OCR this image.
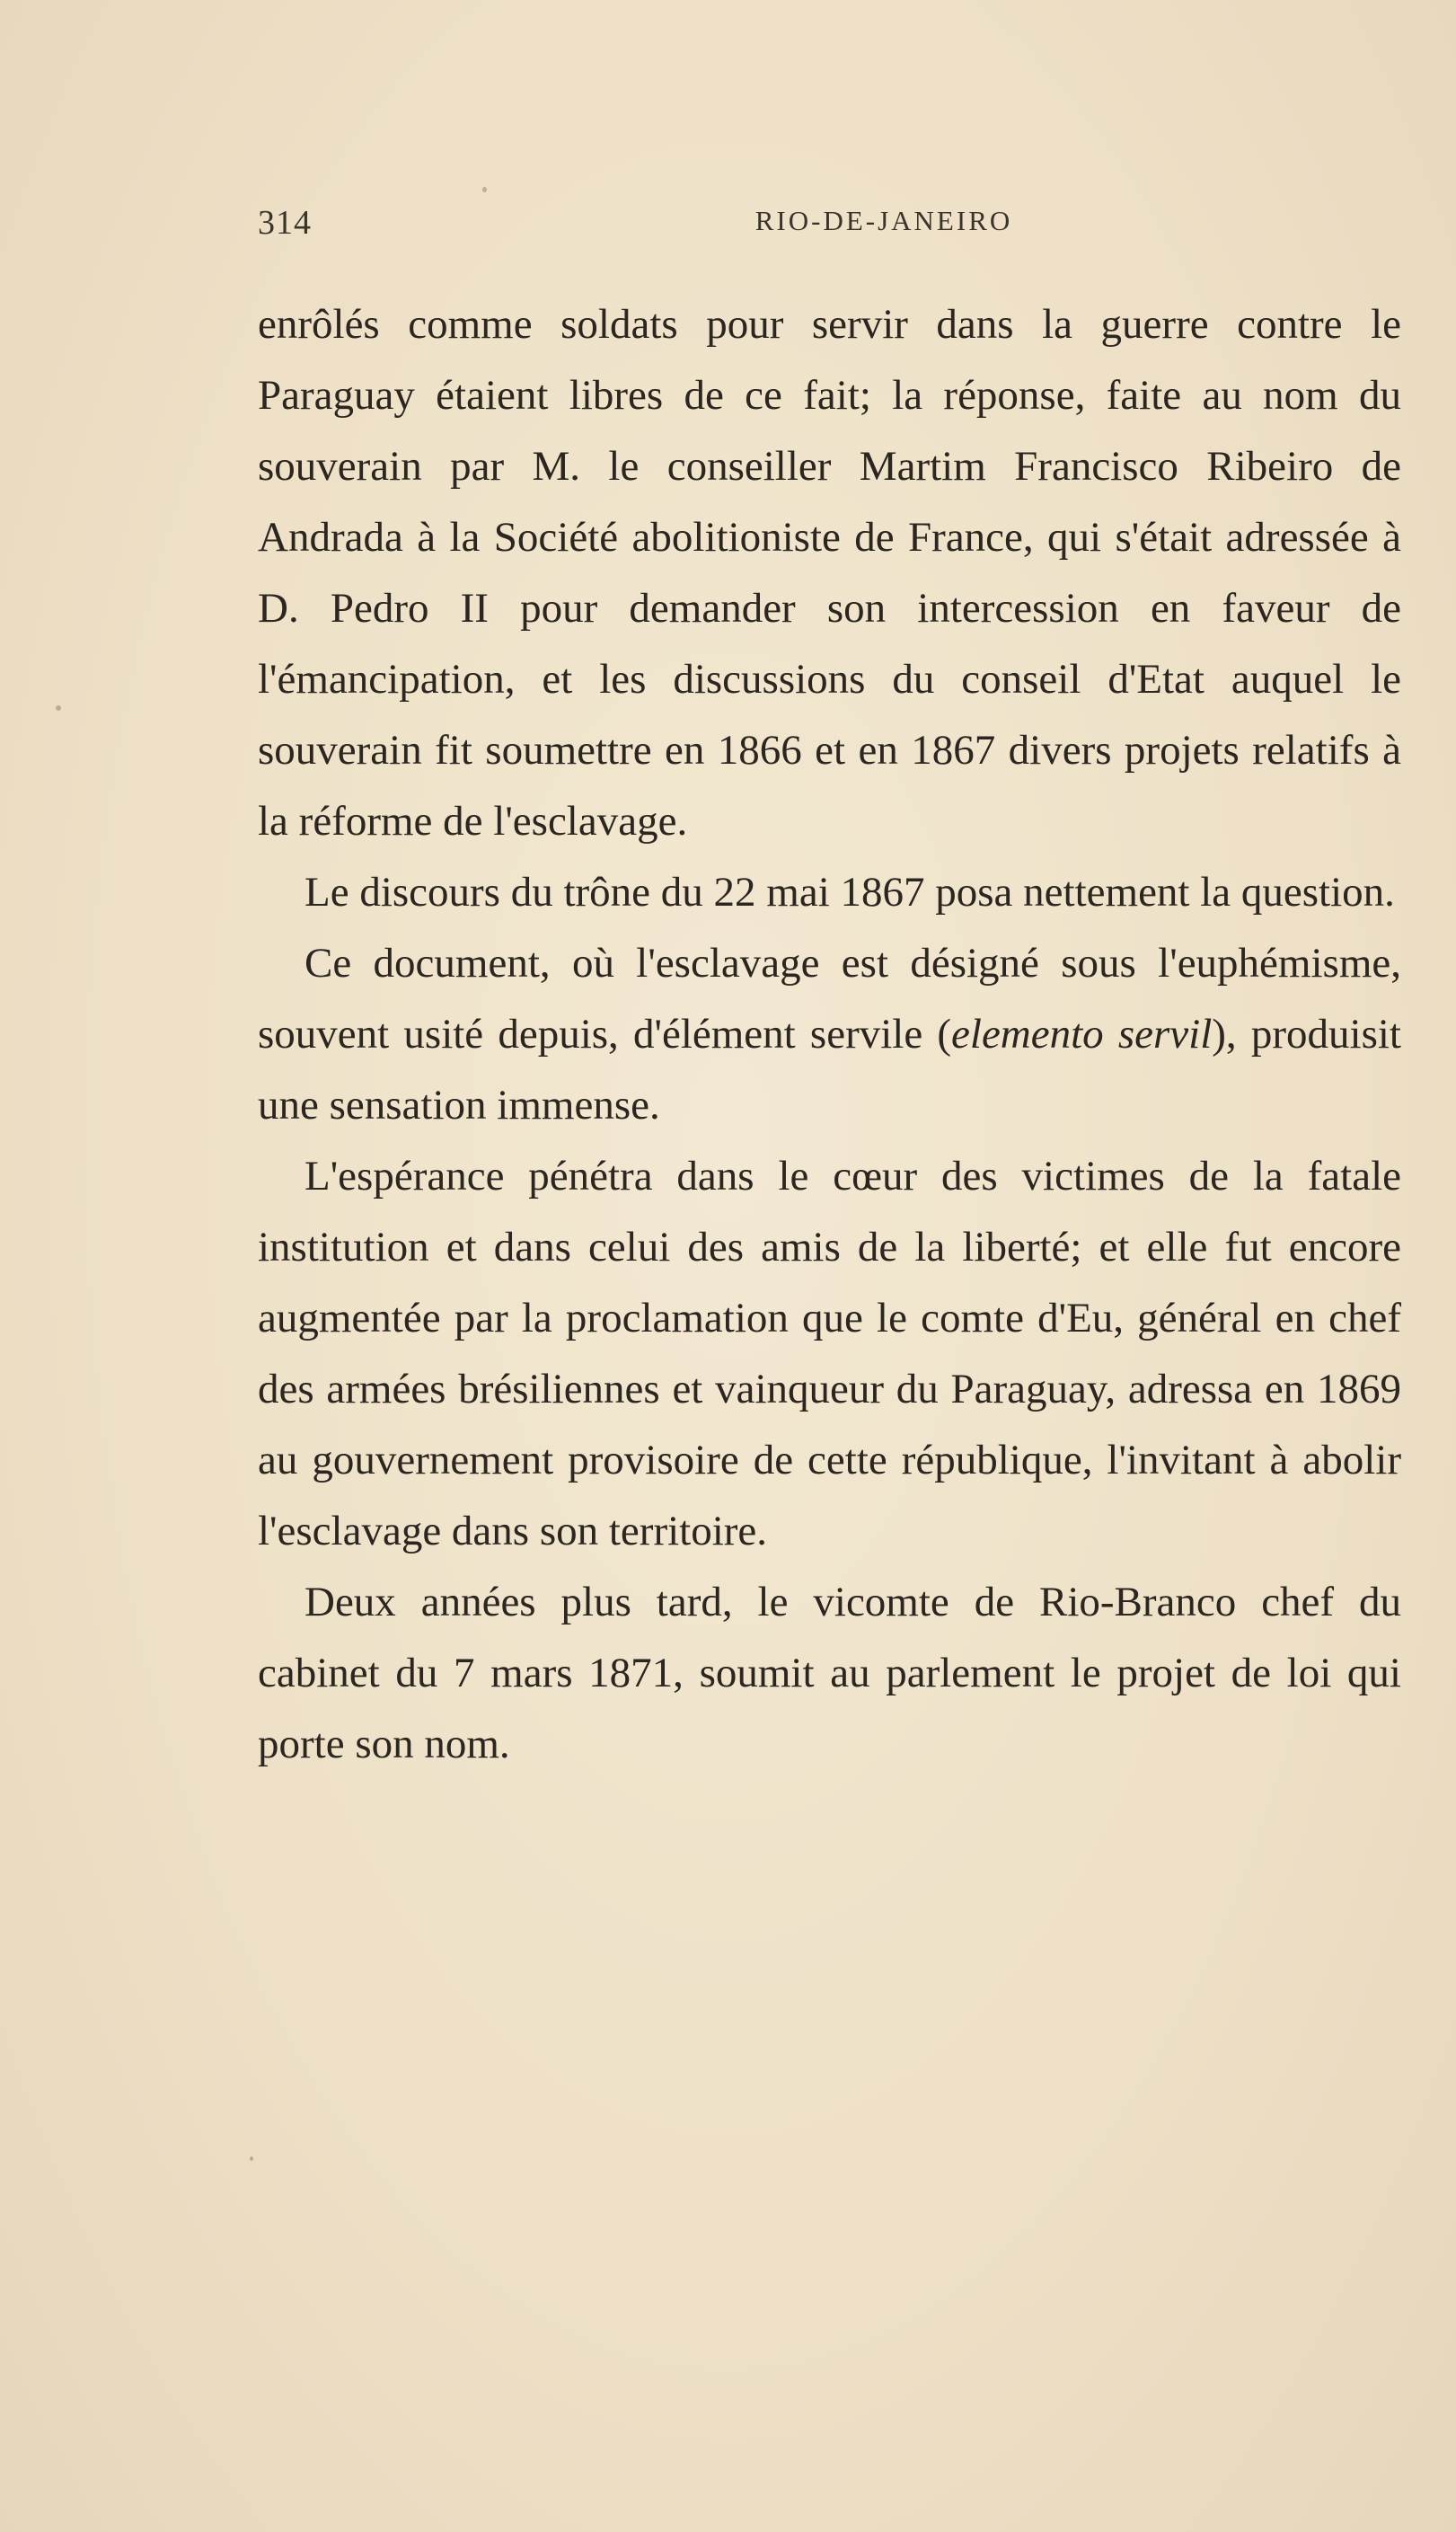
314	RIO-DE-JANEIRO

enrôlés comme soldats pour servir dans la guerre contre le Paraguay étaient libres de ce fait; la réponse, faite au nom du souverain par M. le conseiller Martim Francisco Ribeiro de Andrada à la Société abolitioniste de France, qui s'était adressée à D. Pedro II pour demander son intercession en faveur de l'émancipation, et les discussions du conseil d'Etat auquel le souverain fit soumettre en 1866 et en 1867 divers projets relatifs à la réforme de l'esclavage.

Le discours du trône du 22 mai 1867 posa nettement la question.

Ce document, où l'esclavage est désigné sous l'euphémisme, souvent usité depuis, d'élément servile (elemento servil), produisit une sensation immense.

L'espérance pénétra dans le cœur des victimes de la fatale institution et dans celui des amis de la liberté; et elle fut encore augmentée par la proclamation que le comte d'Eu, général en chef des armées brésiliennes et vainqueur du Paraguay, adressa en 1869 au gouvernement provisoire de cette république, l'invitant à abolir l'esclavage dans son territoire.

Deux années plus tard, le vicomte de Rio-Branco chef du cabinet du 7 mars 1871, soumit au parlement le projet de loi qui porte son nom.
